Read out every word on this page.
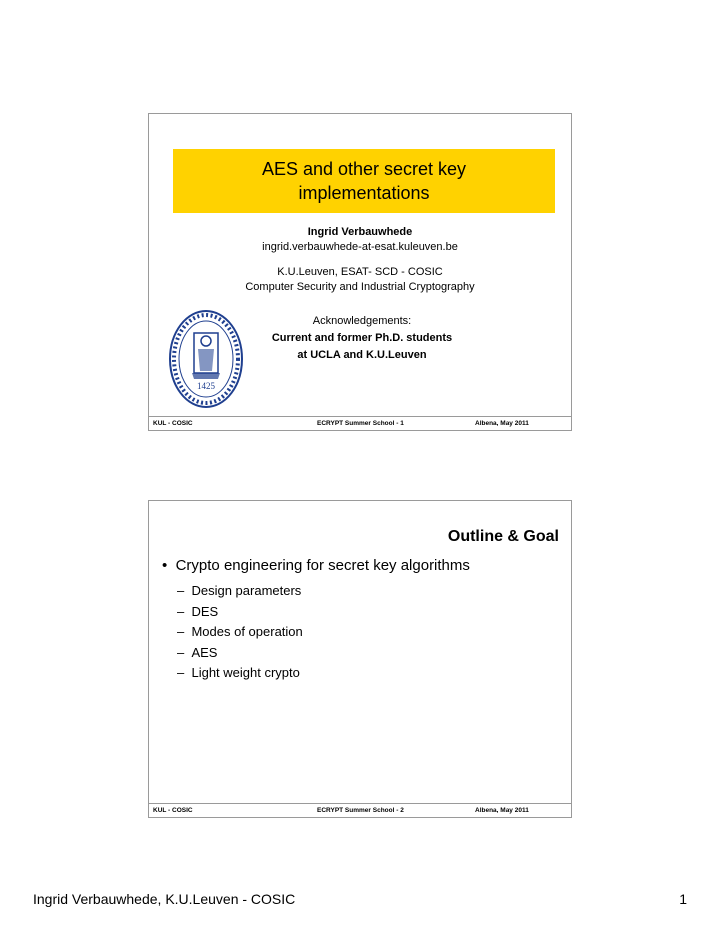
AES and other secret key
implementations
Ingrid Verbauwhede
ingrid.verbauwhede-at-esat.kuleuven.be
K.U.Leuven, ESAT- SCD - COSIC
Computer Security and Industrial Cryptography
Acknowledgements:
Current and former Ph.D. students
at UCLA and K.U.Leuven
1425
KUL - COSIC	ECRYPT Summer School - 1	Albena, May 2011
Outline & Goal
•  Crypto engineering for secret key algorithms
–  Design parameters
–  DES
–  Modes of operation
–  AES
–  Light weight crypto
KUL - COSIC	ECRYPT Summer School - 2	Albena, May 2011
Ingrid Verbauwhede, K.U.Leuven - COSIC	1
